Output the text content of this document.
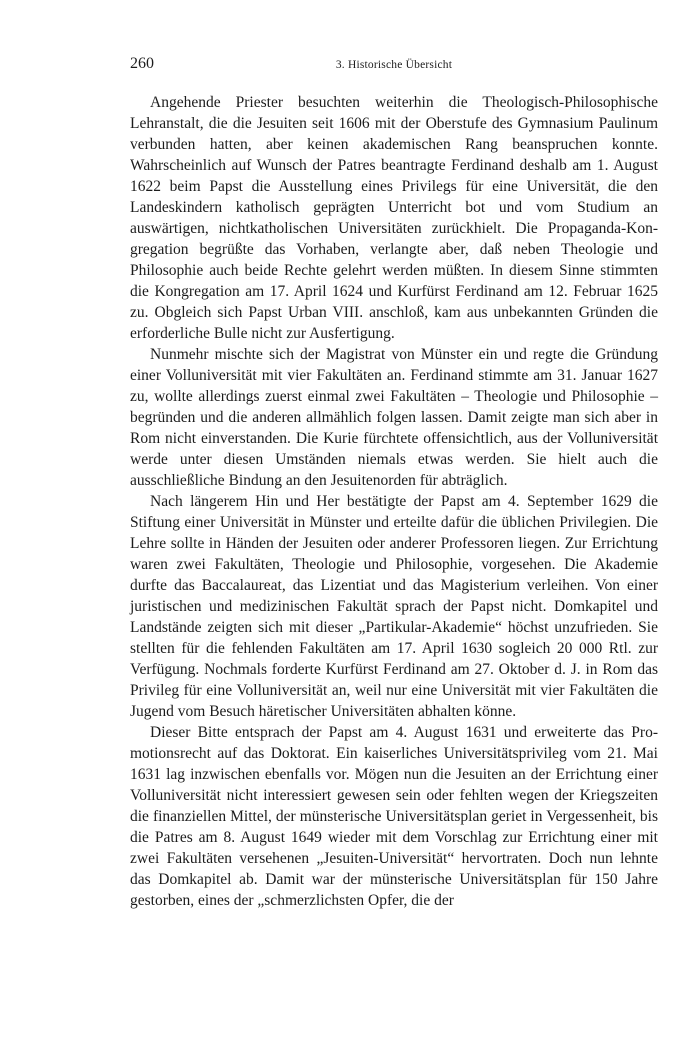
260	3. Historische Übersicht

Angehende Priester besuchten weiterhin die Theologisch-Philosophische Lehranstalt, die die Jesuiten seit 1606 mit der Oberstufe des Gymnasium Paulinum verbunden hatten, aber keinen akademischen Rang beanspruchen konnte. Wahrscheinlich auf Wunsch der Patres beantragte Ferdinand deshalb am 1. August 1622 beim Papst die Ausstellung eines Privilegs für eine Universität, die den Landeskindern katholisch geprägten Unterricht bot und vom Studium an auswärtigen, nichtkatholischen Universitäten zurückhielt. Die Propaganda-Kongregation begrüßte das Vorhaben, verlangte aber, daß neben Theologie und Philosophie auch beide Rechte gelehrt werden müßten. In diesem Sinne stimmten die Kongregation am 17. April 1624 und Kurfürst Ferdinand am 12. Februar 1625 zu. Obgleich sich Papst Urban VIII. anschloß, kam aus unbekannten Gründen die erforderliche Bulle nicht zur Ausfertigung.

Nunmehr mischte sich der Magistrat von Münster ein und regte die Gründung einer Volluniversität mit vier Fakultäten an. Ferdinand stimmte am 31. Januar 1627 zu, wollte allerdings zuerst einmal zwei Fakultäten – Theologie und Philosophie – begründen und die anderen allmählich folgen lassen. Damit zeigte man sich aber in Rom nicht einverstanden. Die Kurie fürchtete offensichtlich, aus der Volluniversität werde unter diesen Umständen niemals etwas werden. Sie hielt auch die ausschließliche Bindung an den Jesuitenorden für abträglich.

Nach längerem Hin und Her bestätigte der Papst am 4. September 1629 die Stiftung einer Universität in Münster und erteilte dafür die üblichen Privilegien. Die Lehre sollte in Händen der Jesuiten oder anderer Professoren liegen. Zur Errichtung waren zwei Fakultäten, Theologie und Philosophie, vorgesehen. Die Akademie durfte das Baccalaureat, das Lizentiat und das Magisterium verleihen. Von einer juristischen und medizinischen Fakultät sprach der Papst nicht. Domkapitel und Landstände zeigten sich mit dieser „Partikular-Akademie“ höchst unzufrieden. Sie stellten für die fehlenden Fakultäten am 17. April 1630 sogleich 20 000 Rtl. zur Verfügung. Nochmals forderte Kurfürst Ferdinand am 27. Oktober d. J. in Rom das Privileg für eine Volluniversität an, weil nur eine Universität mit vier Fakultäten die Jugend vom Besuch häretischer Universitäten abhalten könne.

Dieser Bitte entsprach der Papst am 4. August 1631 und erweiterte das Promotionsrecht auf das Doktorat. Ein kaiserliches Universitätsprivileg vom 21. Mai 1631 lag inzwischen ebenfalls vor. Mögen nun die Jesuiten an der Errichtung einer Volluniversität nicht interessiert gewesen sein oder fehlten wegen der Kriegszeiten die finanziellen Mittel, der münsterische Universitätsplan geriet in Vergessenheit, bis die Patres am 8. August 1649 wieder mit dem Vorschlag zur Errichtung einer mit zwei Fakultäten versehenen „Jesuiten-Universität“ hervortraten. Doch nun lehnte das Domkapitel ab. Damit war der münsterische Universitätsplan für 150 Jahre gestorben, eines der „schmerzlichsten Opfer, die der
